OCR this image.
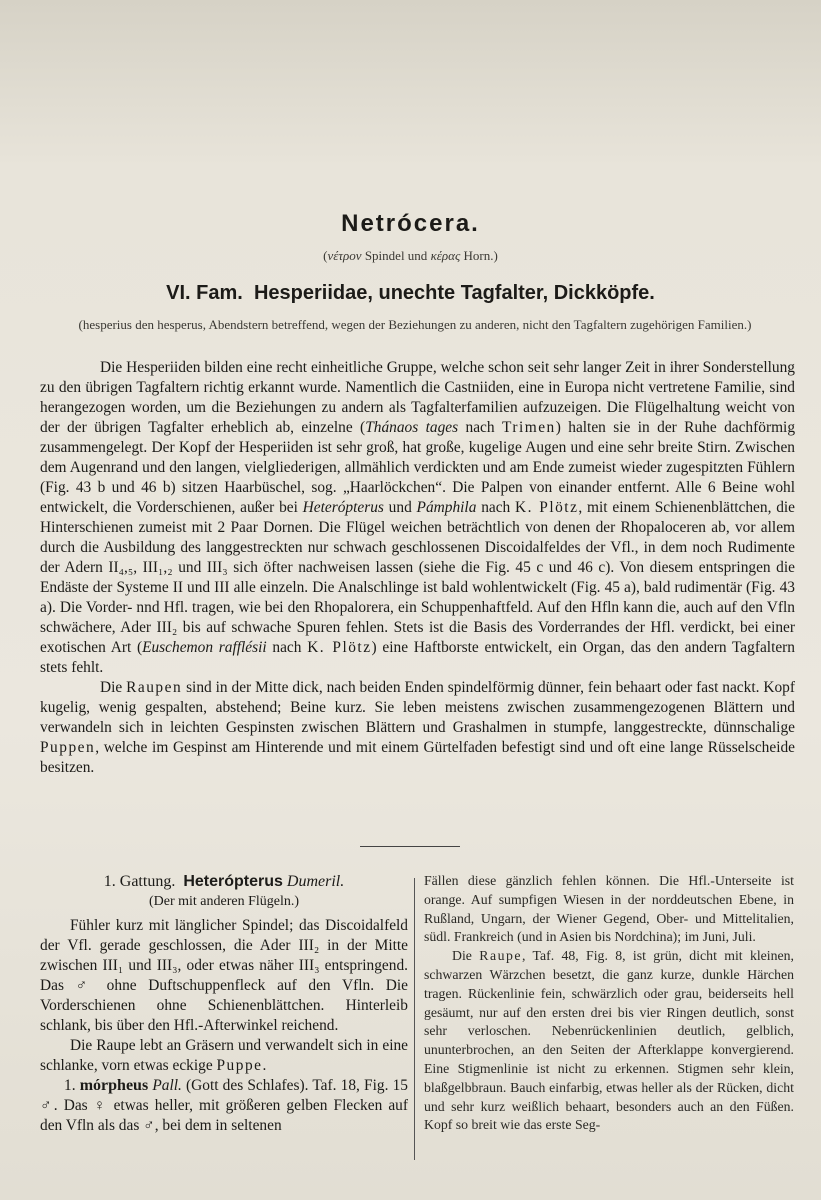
Netrócera.
(νέτρον Spindel und κέρας Horn.)
VI. Fam. Hesperiidae, unechte Tagfalter, Dickköpfe.
(hesperius den hesperus, Abendstern betreffend, wegen der Beziehungen zu anderen, nicht den Tagfaltern zugehörigen Familien.)

Die Hesperiiden bilden eine recht einheitliche Gruppe, welche schon seit sehr langer Zeit in ihrer Sonderstellung zu den übrigen Tagfaltern richtig erkannt wurde. Namentlich die Castniiden, eine in Europa nicht vertretene Familie, sind herangezogen worden, um die Beziehungen zu andern als Tagfalterfamilien aufzuzeigen. Die Flügelhaltung weicht von der der übrigen Tagfalter erheblich ab, einzelne (Thánaos tages nach Trimen) halten sie in der Ruhe dachförmig zusammengelegt. Der Kopf der Hesperiiden ist sehr groß, hat große, kugelige Augen und eine sehr breite Stirn. Zwischen dem Augenrand und den langen, vielgliederigen, allmählich verdickten und am Ende zumeist wieder zugespitzten Fühlern (Fig. 43 b und 46 b) sitzen Haarbüschel, sog. „Haarlöckchen“. Die Palpen von einander entfernt. Alle 6 Beine wohl entwickelt, die Vorderschienen, außer bei Heterópterus und Pámphila nach K. Plötz, mit einem Schienenblättchen, die Hinterschienen zumeist mit 2 Paar Dornen. Die Flügel weichen beträchtlich von denen der Rhopaloceren ab, vor allem durch die Ausbildung des langgestreckten nur schwach geschlossenen Discoidalfeldes der Vfl., in dem noch Rudimente der Adern II₄,₅, III₁,₂ und III₃ sich öfter nachweisen lassen (siehe die Fig. 45 c und 46 c). Von diesem entspringen die Endäste der Systeme II und III alle einzeln. Die Analschlinge ist bald wohlentwickelt (Fig. 45 a), bald rudimentär (Fig. 43 a). Die Vorder- nnd Hfl. tragen, wie bei den Rhopalorera, ein Schuppenhaftfeld. Auf den Hfln kann die, auch auf den Vfln schwächere, Ader III₂ bis auf schwache Spuren fehlen. Stets ist die Basis des Vorderrandes der Hfl. verdickt, bei einer exotischen Art (Euschemon rafflésii nach K. Plötz) eine Haftborste entwickelt, ein Organ, das den andern Tagfaltern stets fehlt.

Die Raupen sind in der Mitte dick, nach beiden Enden spindelförmig dünner, fein behaart oder fast nackt. Kopf kugelig, wenig gespalten, abstehend; Beine kurz. Sie leben meistens zwischen zusammengezogenen Blättern und verwandeln sich in leichten Gespinsten zwischen Blättern und Grashalmen in stumpfe, langgestreckte, dünnschalige Puppen, welche im Gespinst am Hinterende und mit einem Gürtelfaden befestigt sind und oft eine lange Rüsselscheide besitzen.

1. Gattung. Heterópterus Dumeril.
(Der mit anderen Flügeln.)

Fühler kurz mit länglicher Spindel; das Discoidalfeld der Vfl. gerade geschlossen, die Ader III₂ in der Mitte zwischen III₁ und III₃, oder etwas näher III₃ entspringend. Das ♂ ohne Duftschuppenfleck auf den Vfln. Die Vorderschienen ohne Schienenblättchen. Hinterleib schlank, bis über den Hfl.-Afterwinkel reichend.

Die Raupe lebt an Gräsern und verwandelt sich in eine schlanke, vorn etwas eckige Puppe.

1. mórpheus Pall. (Gott des Schlafes). Taf. 18, Fig. 15 ♂. Das ♀ etwas heller, mit größeren gelben Flecken auf den Vfln als das ♂, bei dem in seltenen

Fällen diese gänzlich fehlen können. Die Hfl.-Unterseite ist orange. Auf sumpfigen Wiesen in der norddeutschen Ebene, in Rußland, Ungarn, der Wiener Gegend, Ober- und Mittelitalien, südl. Frankreich (und in Asien bis Nordchina); im Juni, Juli.

Die Raupe, Taf. 48, Fig. 8, ist grün, dicht mit kleinen, schwarzen Wärzchen besetzt, die ganz kurze, dunkle Härchen tragen. Rückenlinie fein, schwärzlich oder grau, beiderseits hell gesäumt, nur auf den ersten drei bis vier Ringen deutlich, sonst sehr verloschen. Nebenrückenlinien deutlich, gelblich, ununterbrochen, an den Seiten der Afterklappe konvergierend. Eine Stigmenlinie ist nicht zu erkennen. Stigmen sehr klein, blaßgelbbraun. Bauch einfarbig, etwas heller als der Rücken, dicht und sehr kurz weißlich behaart, besonders auch an den Füßen. Kopf so breit wie das erste Seg-
